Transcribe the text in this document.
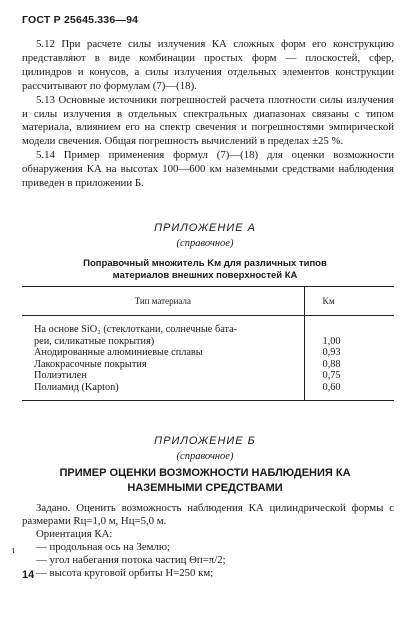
ГОСТ Р 25645.336—94

5.12 При расчете силы излучения КА сложных форм его конструкцию представляют в виде комбинации простых форм — плоскостей, сфер, цилиндров и конусов, а силы излучения отдельных элементов конструкции рассчитывают по формулам (7)—(18).

5.13 Основные источники погрешностей расчета плотности силы излучения и силы излучения в отдельных спектральных диапазонах связаны с типом материала, влиянием его на спектр свечения и погрешностями эмпирической модели свечения. Общая погрешность вычислений в пределах ±25 %.

5.14 Пример применения формул (7)—(18) для оценки возможности обнаружения КА на высотах 100—600 км наземными средствами наблюдения приведен в приложении Б.

ПРИЛОЖЕНИЕ А
(справочное)
Поправочный множитель Kм для различных типов
материалов внешних поверхностей КА
Тип материала	Kм

На основе SiO₂ (стеклоткани, солнечные бата-	
реи, силикатные покрытия)	1,00
Анодированные алюминиевые сплавы	0,93
Лакокрасочные покрытия	0,88
Полиэтилен	0,75
Полиамид (Kapton)	0,60
ПРИЛОЖЕНИЕ Б
(справочное)
ПРИМЕР ОЦЕНКИ ВОЗМОЖНОСТИ НАБЛЮДЕНИЯ КА
НАЗЕМНЫМИ СРЕДСТВАМИ

Задано. Оценить возможность наблюдения КА цилиндрической формы с размерами Rц=1,0 м, Hц=5,0 м.

Ориентация КА:

— продольная ось на Землю;

— угол набегания потока частиц Θп=π/2;

— высота круговой орбиты H=250 км;

ι
14
